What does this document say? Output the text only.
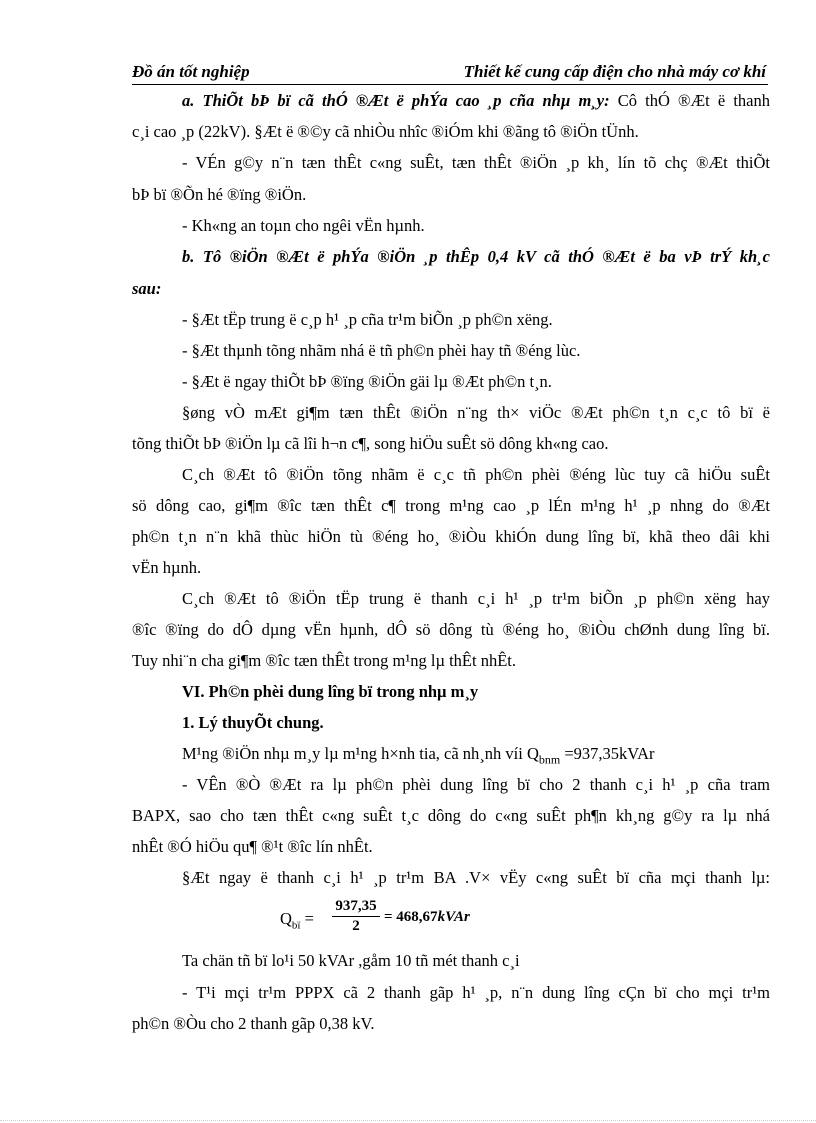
Đồ án tốt nghiệp	Thiết kế cung cấp điện cho nhà máy cơ khí
a. ThiÕt bÞ bï cã thÓ ®Æt ë phÝa cao ¸p cña nhµ m¸y: Cô thÓ ®Æt ë thanh
c¸i cao ¸p (22kV). §Æt ë ®©y cã nhiÒu nhîc ®iÓm khi ®ãng tô ®iÖn tÜnh.
- VÉn g©y n¨n tæn thÊt c«ng suÊt, tæn thÊt ®iÖn ¸p kh¸ lín tõ chç ®Æt thiÕt
bÞ bï ®Õn hé ®ïng ®iÖn.
- Kh«ng an toµn cho ngêi vËn hµnh.
b. Tô ®iÖn ®Æt ë phÝa ®iÖn ¸p thÊp 0,4 kV cã thÓ ®Æt ë ba vÞ trÝ kh¸c
sau:
- §Æt tËp trung ë c¸p h¹ ¸p cña tr¹m biÕn ¸p ph©n xëng.
- §Æt thµnh tõng nhãm nhá ë tñ ph©n phèi hay tñ ®éng lùc.
- §Æt ë ngay thiÕt bÞ ®ïng ®iÖn gäi lµ ®Æt ph©n t¸n.
§øng vÒ mÆt gi¶m tæn thÊt ®iÖn n¨ng th× viÖc ®Æt ph©n t¸n c¸c tô bï ë
tõng thiÕt bÞ ®iÖn lµ cã lîi h¬n c¶, song hiÖu suÊt sö dông kh«ng cao.
C¸ch ®Æt tô ®iÖn tõng nhãm ë c¸c tñ ph©n phèi ®éng lùc tuy cã hiÖu suÊt
sö dông cao, gi¶m ®îc tæn thÊt c¶ trong m¹ng cao ¸p lÉn m¹ng h¹ ¸p nhng do ®Æt
ph©n t¸n n¨n khã thùc hiÖn tù ®éng ho¸ ®iÒu khiÓn dung lîng bï, khã theo dâi khi
vËn hµnh.
C¸ch ®Æt tô ®iÖn tËp trung ë thanh c¸i h¹ ¸p tr¹m biÕn ¸p ph©n xëng hay
®îc ®ïng do dÔ dµng vËn hµnh, dÔ sö dông tù ®éng ho¸ ®iÒu chØnh dung lîng bï.
Tuy nhi¨n cha gi¶m ®îc tæn thÊt trong m¹ng lµ thÊt nhÊt.
VI. Ph©n phèi dung lîng bï trong nhµ m¸y
1. Lý thuyÕt chung.
M¹ng ®iÖn nhµ m¸y lµ m¹ng h×nh tia, cã nh¸nh víi $Q_{bnm}$ =937,35kVAr
- VÊn ®Ò ®Æt ra lµ ph©n phèi dung lîng bï cho 2 thanh c¸i h¹ ¸p cña tram
BAPX, sao cho tæn thÊt c«ng suÊt t¸c dông do c«ng suÊt ph¶n kh¸ng g©y ra lµ nhá
nhÊt ®Ó hiÖu qu¶ ®¹t ®îc lín nhÊt.
§Æt ngay ë thanh c¸i h¹ ¸p tr¹m BA .V× vËy c«ng suÊt bï cña mçi thanh lµ:
$Q_{bï} = \frac{937,35}{2}$ = 468,67kVAr
Ta chän tñ bï lo¹i 50 kVAr ,gåm 10 tñ mét thanh c¸i
- T¹i mçi tr¹m PPPX cã 2 thanh gãp h¹ ¸p, n¨n dung lîng cÇn bï cho mçi tr¹m
ph©n ®Òu cho 2 thanh gãp 0,38 kV.
